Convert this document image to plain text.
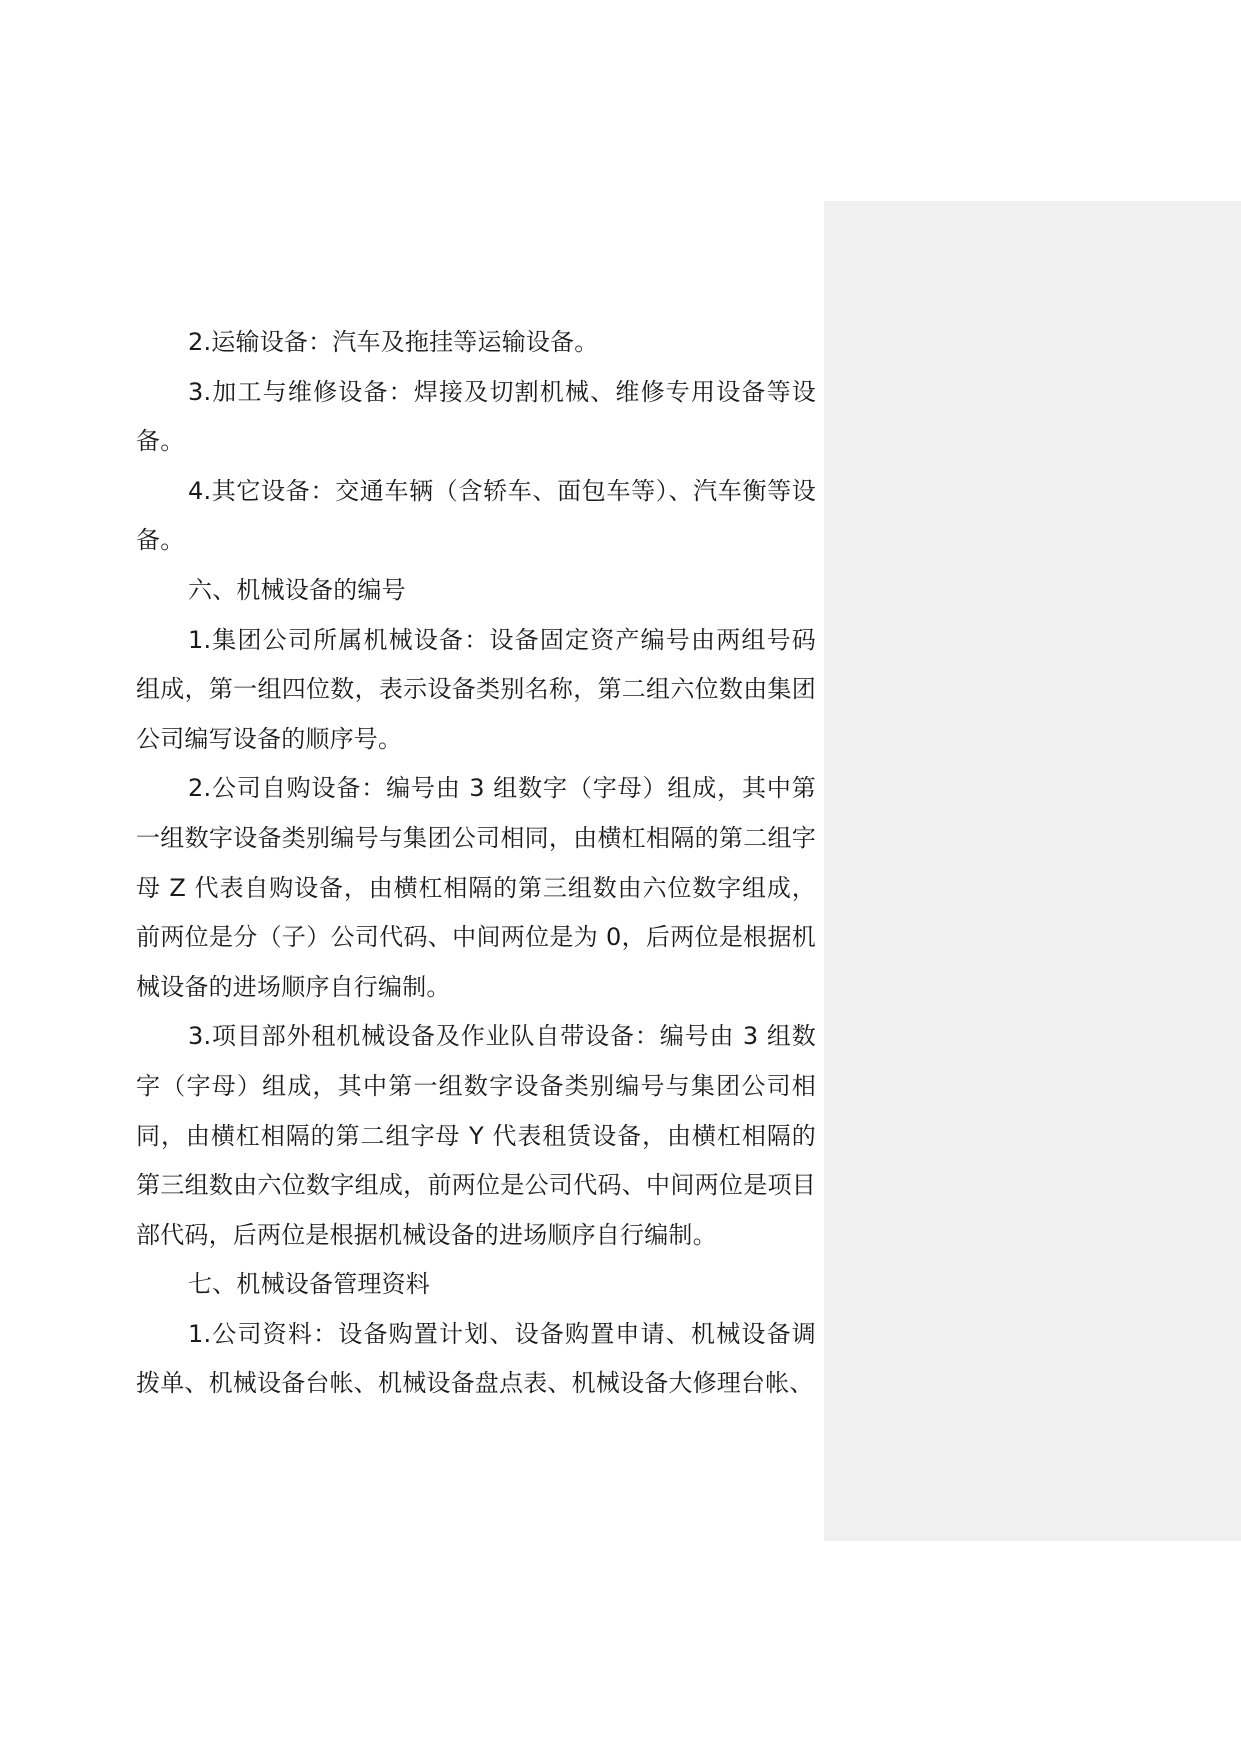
2.运输设备：汽车及拖挂等运输设备。

3.加工与维修设备：焊接及切割机械、维修专用设备等设备。

4.其它设备：交通车辆（含轿车、面包车等）、汽车衡等设备。

六、机械设备的编号

1.集团公司所属机械设备：设备固定资产编号由两组号码组成，第一组四位数，表示设备类别名称，第二组六位数由集团公司编写设备的顺序号。

2.公司自购设备：编号由 3 组数字（字母）组成，其中第一组数字设备类别编号与集团公司相同，由横杠相隔的第二组字母 Z 代表自购设备，由横杠相隔的第三组数由六位数字组成，前两位是分（子）公司代码、中间两位是为 0，后两位是根据机械设备的进场顺序自行编制。

3.项目部外租机械设备及作业队自带设备：编号由 3 组数字（字母）组成，其中第一组数字设备类别编号与集团公司相同，由横杠相隔的第二组字母 Y 代表租赁设备，由横杠相隔的第三组数由六位数字组成，前两位是公司代码、中间两位是项目部代码，后两位是根据机械设备的进场顺序自行编制。

七、机械设备管理资料

1.公司资料：设备购置计划、设备购置申请、机械设备调拨单、机械设备台帐、机械设备盘点表、机械设备大修理台帐、
